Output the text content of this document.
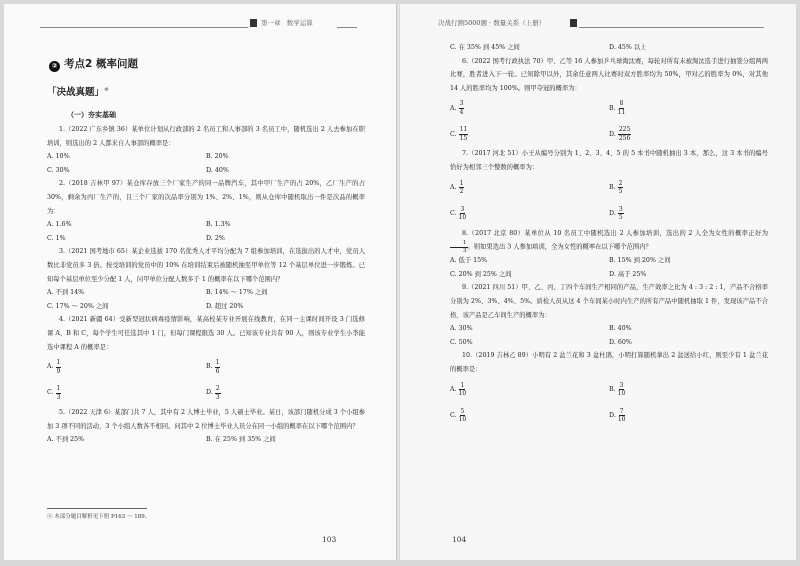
第一章 数学运算
② 考点2 概率问题
「决战真题」®
（一）夯实基础

1.（2022 广东乡镇 36）某单位计划从行政部的 2 名员工和人事部的 3 名员工中，随机选出 2 人去参加在职培训，则选出的 2 人都来自人事部的概率是：

A. 10%	B. 20%
C. 30%	D. 40%

2.（2018 吉林甲 97）某仓库存放三个厂家生产的同一品牌汽车，其中甲厂生产的占 20%，乙厂生产的占 30%，剩余为丙厂生产的，且三个厂家的次品率分别为 1%、2%、1%，则从仓库中随机取出一件是次品的概率为：

A. 1.6%	B. 1.3%
C. 1%	D. 2%

3.（2021 国考地市 65）某企业选拔 170 名优秀人才平均分配为 7 组参加培训，在选拔出的人才中，党员人数比非党员多 3 倍。按受培训的党员中的 10% 在培训结束后被随机抽至甲单位等 12 个基层单位进一步锻炼。已知每个基层单位至少分配 1 人，问甲单位分配人数多于 1 的概率在以下哪个范围内？

A. 不到 14%	B. 14% ～ 17% 之间
C. 17% ～ 20% 之间	D. 超过 20%

4.（2021 新疆 64）受新型冠状病毒疫情影响，某高校某专业开展在线教育，在同一主课时间开设 3 门选修课 A、B 和 C，每个学生可任选其中 1 门，但每门课程限选 30 人。已知该专业共有 90 人，则该专业学生小李能选中课程 A 的概率是：

A. $\frac{1}{9}$	B. $\frac{1}{6}$
C. $\frac{1}{3}$	D. $\frac{2}{3}$

5.（2022 天津 6）某部门共 7 人，其中有 2 人博士毕业，5 人硕士毕业。某日，该部门随机分成 3 个小组参加 3 项不同的活动，3 个小组人数各不相同。问其中 2 位博士毕业人员分在同一小组的概率在以下哪个范围内？

A. 不到 25%	B. 在 25% 到 35% 之间
④ 本部分题目解析见下册 P163 ～ 189。
103
决战行测5000题 · 数量关系（上册）
C. 在 35% 到 45% 之间	D. 45% 以上

6.（2022 国考行政执法 70）甲、乙等 16 人参加乒乓球淘汰赛，每轮对所有未被淘汰选手进行抽签分组两两比赛，胜者进入下一轮。已知除甲以外，其余任意两人比赛时双方胜率均为 50%，甲对乙的胜率为 0%，对其他 14 人的胜率均为 100%。则甲夺冠的概率为：

A. $\frac{3}{4}$	B. $\frac{8}{11}$
C. $\frac{11}{15}$	D. $\frac{225}{256}$

7.（2017 河北 51）小王从编号分别为 1、2、3、4、5 的 5 本书中随机抽出 3 本，那么，这 3 本书的编号恰好为相邻三个整数的概率为：

A. $\frac{1}{2}$	B. $\frac{2}{5}$
C. $\frac{3}{10}$	D. $\frac{3}{5}$

8.（2017 北京 80）某单位从 10 名员工中随机选出 2 人参加培训，选出的 2 人全为女性的概率正好为
$\frac{1}{3}$ 。则如果选出 3 人参加培训，全为女性的概率在以下哪个范围内？

A. 低于 15%	B. 15% 到 20% 之间
C. 20% 到 25% 之间	D. 高于 25%

9.（2021 四川 51）甲、乙、丙、丁四个车间生产相同的产品，生产效率之比为 4 : 3 : 2 : 1，产品不合格率分别为 2%、3%、4%、5%。质检人员从这 4 个车间某小时内生产的所有产品中随机抽取 1 件，发现该产品不合格，该产品是乙车间生产的概率为：

A. 30%	B. 40%
C. 50%	D. 60%

10.（2019 吉林乙 89）小明有 2 盆兰花和 3 盆杜鹃，小明打算随机拿出 2 盆送给小红，则至少有 1 盆兰花的概率是：

A. $\frac{1}{10}$	B. $\frac{3}{10}$
C. $\frac{5}{10}$	D. $\frac{7}{10}$
104
